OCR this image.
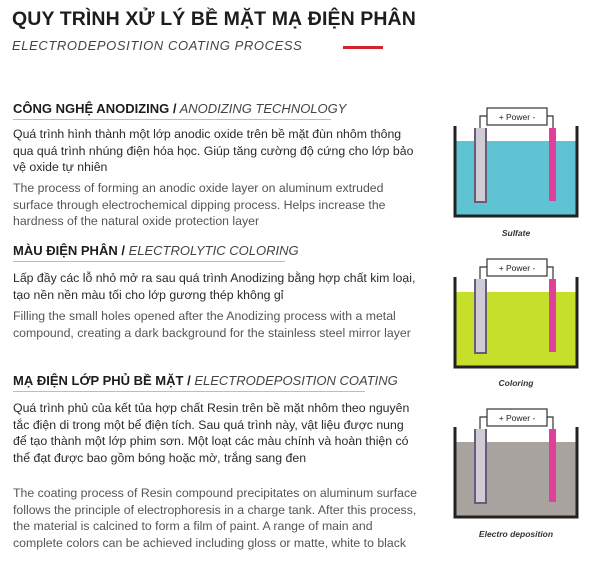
QUY TRÌNH XỬ LÝ BỀ MẶT MẠ ĐIỆN PHÂN
ELECTRODEPOSITION COATING PROCESS
CÔNG NGHỆ ANODIZING / ANODIZING TECHNOLOGY
Quá trình hình thành một lớp anodic oxide trên bề mặt đùn nhôm thông qua quá trình nhúng điện hóa học. Giúp tăng cường độ cứng cho lớp bảo vệ oxide tự nhiên
The process of forming an anodic oxide layer on aluminum extruded surface through electrochemical dipping process. Helps increase the hardness of the natural oxide protection layer
MÀU ĐIỆN PHÂN / ELECTROLYTIC COLORING
Lấp đầy các lỗ nhỏ mở ra sau quá trình Anodizing bằng hợp chất kim loại, tạo nền nền màu tối cho lớp gương thép không gỉ
Filling the small holes opened after the Anodizing process with a metal compound, creating a dark background for the stainless steel mirror layer
MẠ ĐIỆN LỚP PHỦ BỀ MẶT / ELECTRODEPOSITION COATING
Quá trình phủ của kết tủa hợp chất Resin trên bề mặt nhôm theo nguyên tắc điện di trong một bể điện tích. Sau quá trình này, vật liệu được nung để tạo thành một lớp phim sơn. Một loạt các màu chính và hoàn thiện có thể đạt được bao gồm bóng hoặc mờ, trắng sang đen
The coating process of Resin compound precipitates on aluminum surface follows the principle of electrophoresis in a charge tank. After this process, the material is calcined to form a film of paint. A range of main and complete colors can be achieved including gloss or matte, white to black
+ Power -
Sulfate
+ Power -
Coloring
+ Power -
Electro deposition
